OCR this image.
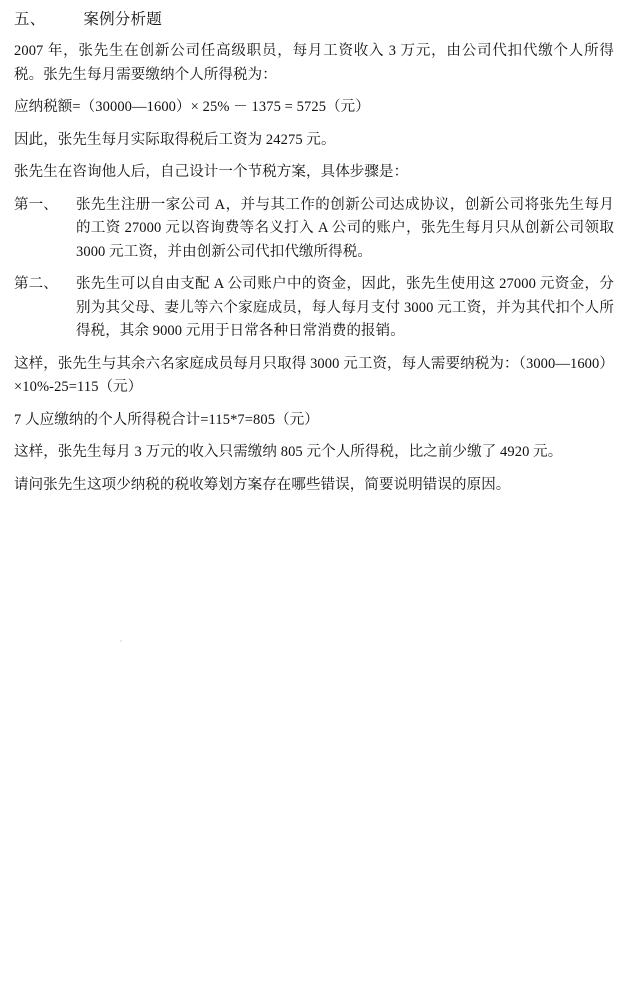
五、 案例分析题

2007 年，张先生在创新公司任高级职员，每月工资收入 3 万元，由公司代扣代缴个人所得税。张先生每月需要缴纳个人所得税为：

应纳税额=（30000—1600）× 25% － 1375 = 5725（元）

因此，张先生每月实际取得税后工资为 24275 元。

张先生在咨询他人后，自己设计一个节税方案，具体步骤是：

第一、	张先生注册一家公司 A，并与其工作的创新公司达成协议，创新公司将张先生每月的工资 27000 元以咨询费等名义打入 A 公司的账户，张先生每月只从创新公司领取 3000 元工资，并由创新公司代扣代缴所得税。
第二、	张先生可以自由支配 A 公司账户中的资金，因此，张先生使用这 27000 元资金，分别为其父母、妻儿等六个家庭成员，每人每月支付 3000 元工资，并为其代扣个人所得税，其余 9000 元用于日常各种日常消费的报销。

这样，张先生与其余六名家庭成员每月只取得 3000 元工资，每人需要纳税为：（3000—1600）×10%-25=115（元）

7 人应缴纳的个人所得税合计=115*7=805（元）

这样，张先生每月 3 万元的收入只需缴纳 805 元个人所得税，比之前少缴了 4920 元。

请问张先生这项少纳税的税收筹划方案存在哪些错误，简要说明错误的原因。
